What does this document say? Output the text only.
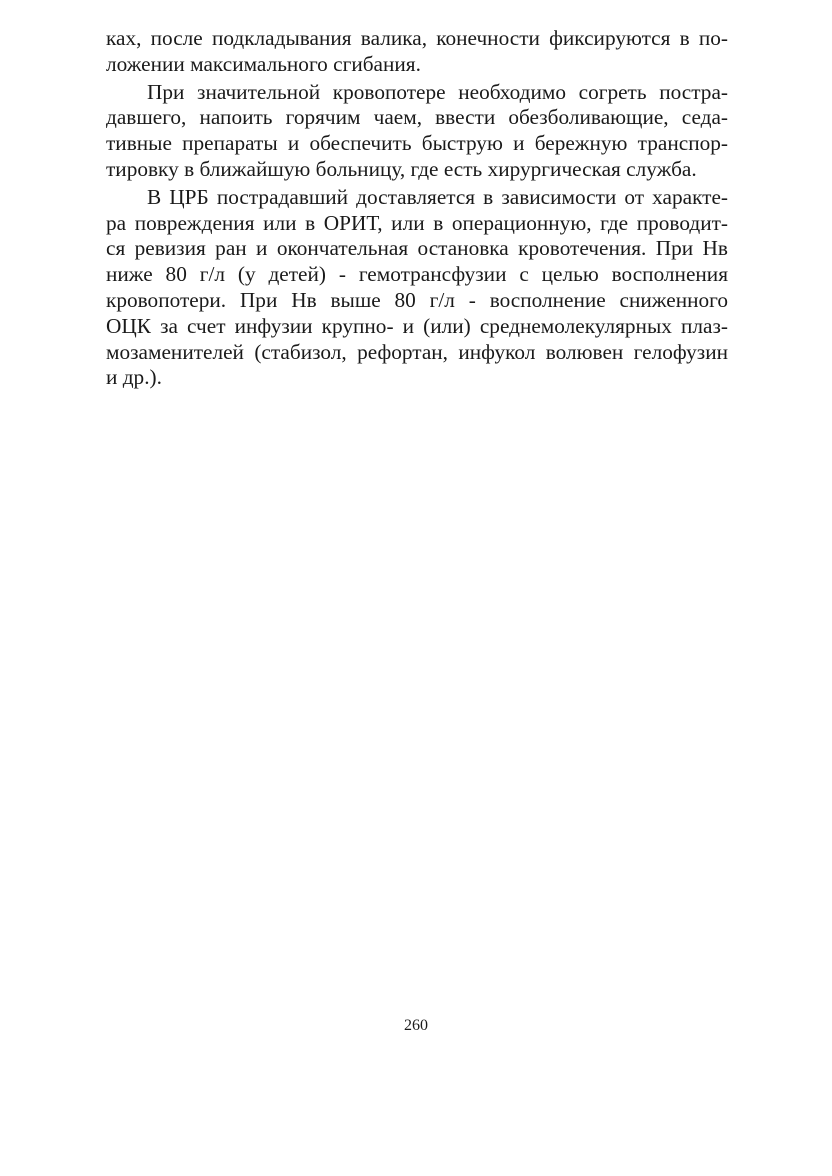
ках, после подкладывания валика, конечности фиксируются в по-
ложении максимального сгибания.
При значительной кровопотере необходимо согреть постра-
давшего, напоить горячим чаем, ввести обезболивающие, седа-
тивные препараты и обеспечить быструю и бережную транспор-
тировку в ближайшую больницу, где есть хирургическая служба.
В ЦРБ пострадавший доставляется в зависимости от характе-
ра повреждения или в ОРИТ, или в операционную, где проводит-
ся ревизия ран и окончательная остановка кровотечения. При Нв
ниже 80 г/л (у детей) - гемотрансфузии с целью восполнения
кровопотери. При Нв выше 80 г/л - восполнение сниженного
ОЦК за счет инфузии крупно- и (или) среднемолекулярных плаз-
мозаменителей (стабизол, рефортан, инфукол волювен гелофузин
и др.).
260
